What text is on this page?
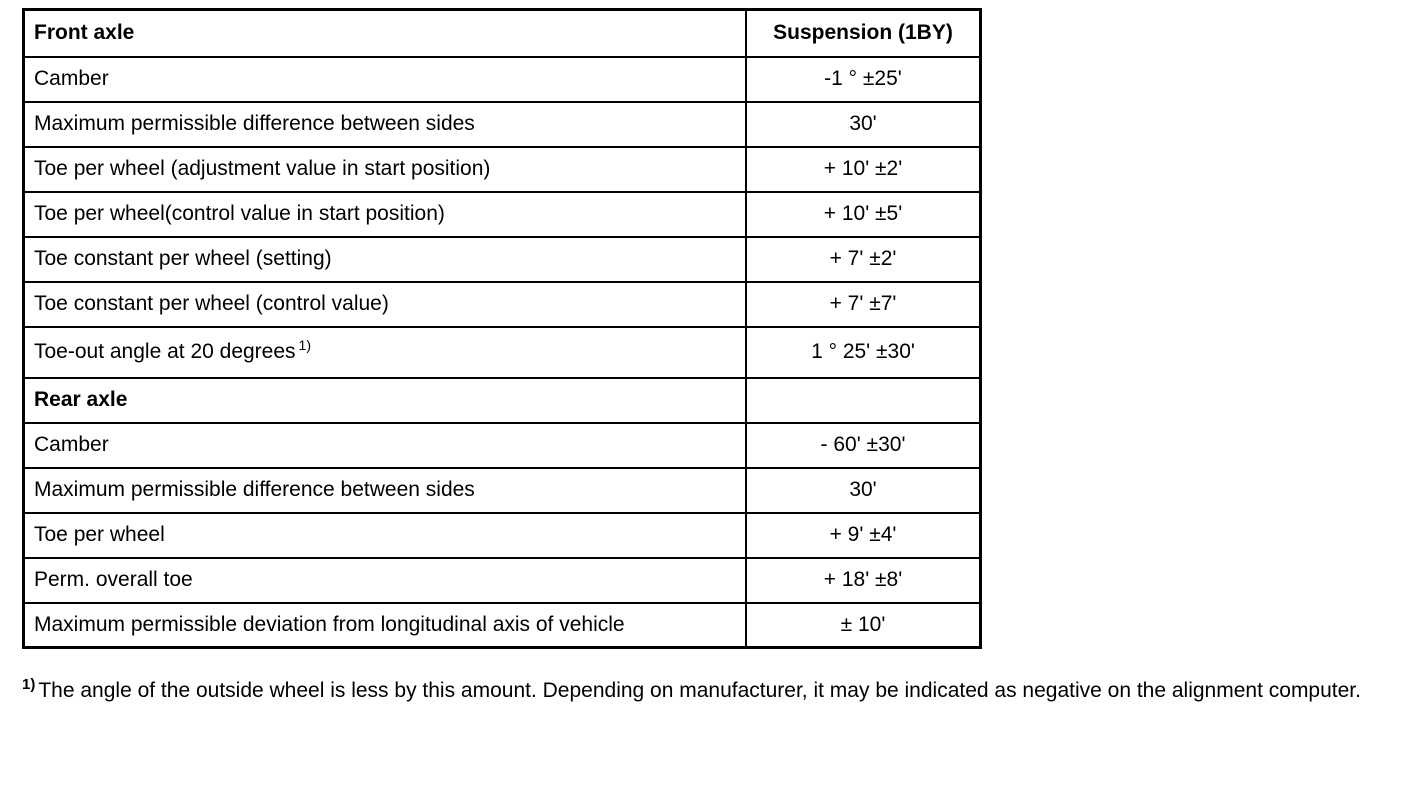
Front axle	Suspension (1BY)
Camber	-1 ° ±25'
Maximum permissible difference between sides	30'
Toe per wheel (adjustment value in start position)	+ 10' ±2'
Toe per wheel(control value in start position)	+ 10' ±5'
Toe constant per wheel (setting)	+ 7' ±2'
Toe constant per wheel (control value)	+ 7' ±7'
Toe-out angle at 20 degrees $^{1)}$	1 ° 25' ±30'
Rear axle	
Camber	- 60' ±30'
Maximum permissible difference between sides	30'
Toe per wheel	+ 9' ±4'
Perm. overall toe	+ 18' ±8'
Maximum permissible deviation from longitudinal axis of vehicle	± 10'
$^{1)}$ The angle of the outside wheel is less by this amount. Depending on manufacturer, it may be indicated as negative on the alignment computer.
